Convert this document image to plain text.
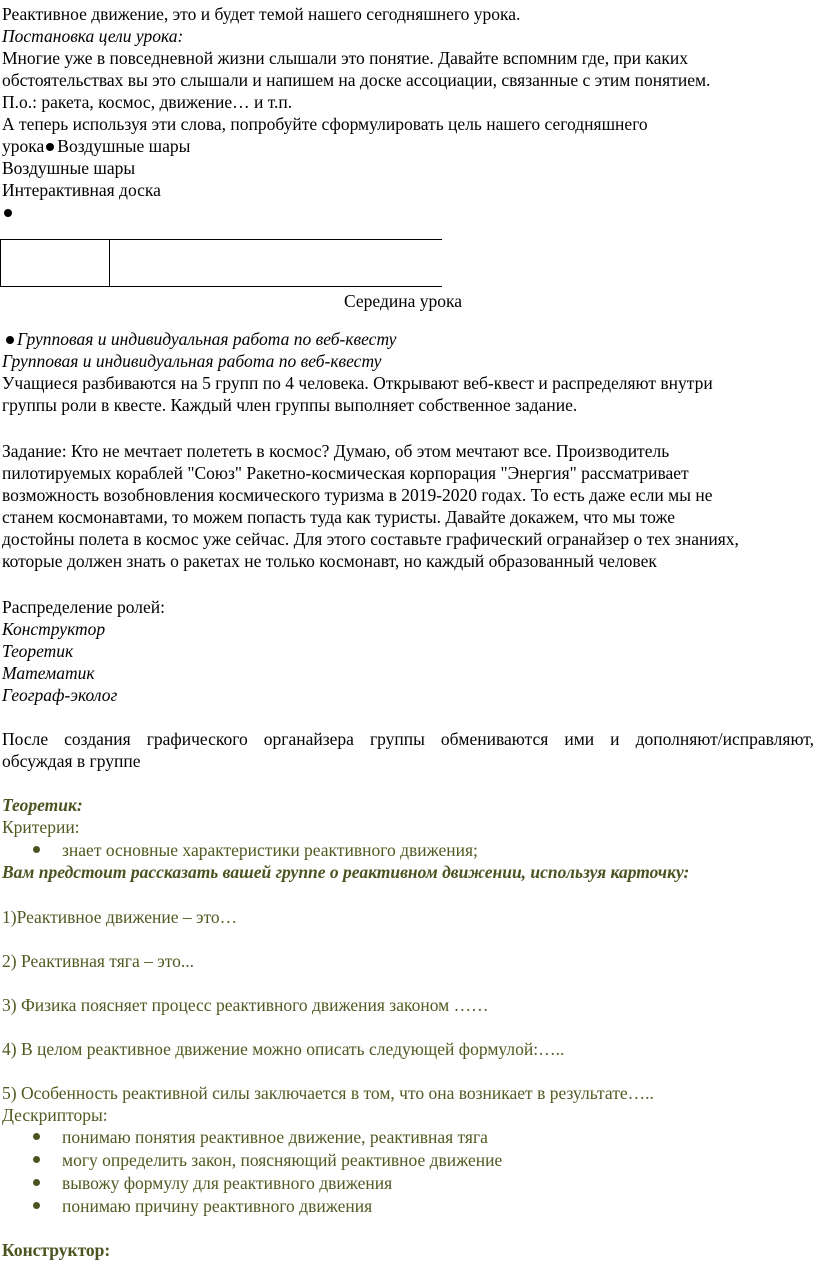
Реактивное движение, это и будет темой нашего сегодняшнего урока.
Постановка цели урока:
Многие уже в повседневной жизни слышали это понятие. Давайте вспомним где, при каких
обстоятельствах вы это слышали и напишем на доске ассоциации, связанные с этим понятием.
П.о.: ракета, космос, движение… и т.п.
А теперь используя эти слова, попробуйте сформулировать цель нашего сегодняшнего
урока Воздушные шары
Воздушные шары
Интерактивная доска
Середина урока
Групповая и индивидуальная работа по веб-квесту
Групповая и индивидуальная работа по веб-квесту
Учащиеся разбиваются на 5 групп по 4 человека. Открывают веб-квест и распределяют внутри
группы роли в квесте. Каждый член группы выполняет собственное задание.
Задание: Кто не мечтает полететь в космос? Думаю, об этом мечтают все. Производитель
пилотируемых кораблей "Союз" Ракетно-космическая корпорация "Энергия" рассматривает
возможность возобновления космического туризма в 2019-2020 годах. То есть даже если мы не
станем космонавтами, то можем попасть туда как туристы. Давайте докажем, что мы тоже
достойны полета в космос уже сейчас. Для этого составьте графический огранайзер о тех знаниях,
которые должен знать о ракетах не только космонавт, но каждый образованный человек
Распределение ролей:
Конструктор
Теоретик
Математик
Географ-эколог
После создания графического органайзера группы обмениваются ими и дополняют/исправляют,
обсуждая в группе
Теоретик:
Критерии:
знает основные характеристики реактивного движения;
Вам предстоит рассказать вашей группе о реактивном движении, используя карточку:
1)Реактивное движение – это…
2) Реактивная тяга – это...
3) Физика поясняет процесс реактивного движения законом ……
4) В целом реактивное движение можно описать следующей формулой:…..
5) Особенность реактивной силы заключается в том, что она возникает в результате…..
Дескрипторы:
понимаю понятия реактивное движение, реактивная тяга
могу определить закон, поясняющий реактивное движение
вывожу формулу для реактивного движения
понимаю причину реактивного движения
Конструктор:
